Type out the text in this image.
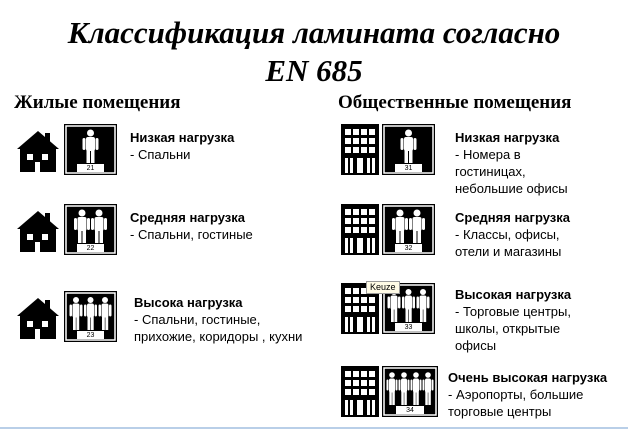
Классификация ламината согласно
EN 685
Жилые помещения	Общественные помещения
21
Низкая нагрузка
- Спальни
22
Средняя нагрузка
- Спальни, гостиные
23
Высока нагрузка
- Спальни, гостиные,
прихожие, коридоры , кухни
31
Низкая нагрузка
- Номера в
гостиницах,
небольшие офисы
32
Средняя нагрузка
- Классы, офисы,
отели и магазины
33
Высокая нагрузка
- Торговые центры,
школы, открытые
офисы
34
Очень высокая нагрузка
- Аэропорты, большие
торговые центры
Keuze
